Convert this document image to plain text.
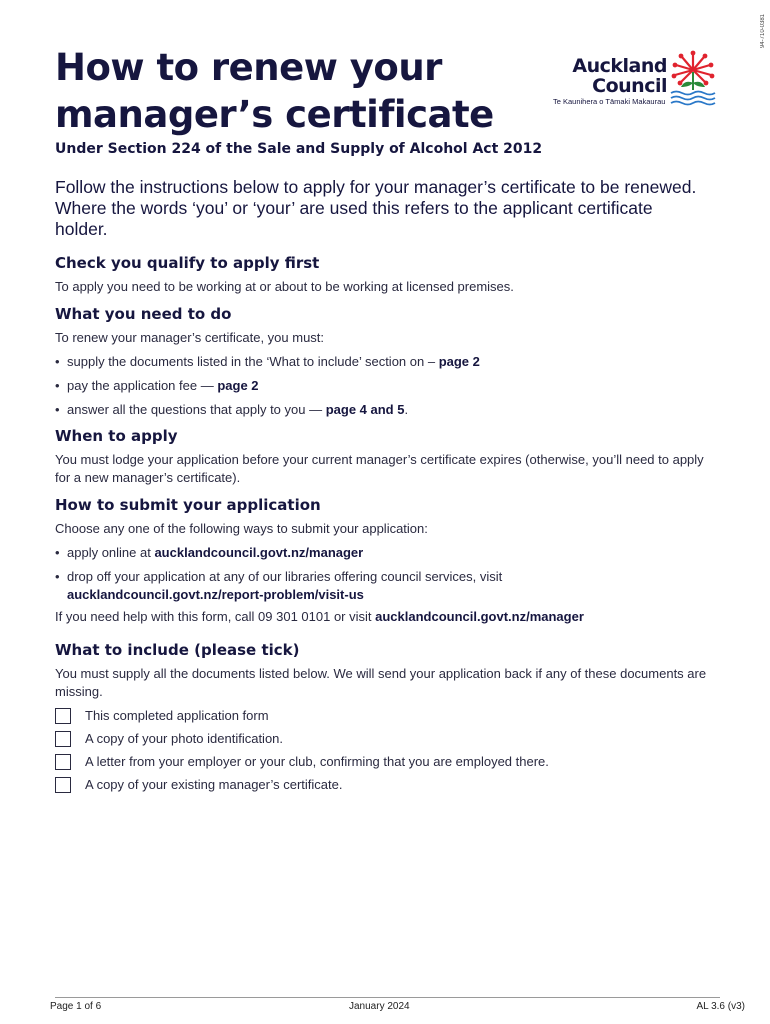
94-710-0381
How to renew your
manager’s certificate
Auckland
Council
Te Kaunihera o Tāmaki Makaurau
Under Section 224 of the Sale and Supply of Alcohol Act 2012

Follow the instructions below to apply for your manager’s certificate to be renewed. Where the words ‘you’ or ‘your’ are used this refers to the applicant certificate holder.

Check you qualify to apply first

To apply you need to be working at or about to be working at licensed premises.

What you need to do

To renew your manager’s certificate, you must:

• supply the documents listed in the ‘What to include’ section on – page 2
• pay the application fee — page 2
• answer all the questions that apply to you — page 4 and 5.
When to apply

You must lodge your application before your current manager’s certificate expires (otherwise, you’ll need to apply for a new manager’s certificate).

How to submit your application

Choose any one of the following ways to submit your application:

• apply online at aucklandcouncil.govt.nz/manager
• drop off your application at any of our libraries offering council services, visit
aucklandcouncil.govt.nz/report-problem/visit-us

If you need help with this form, call 09 301 0101 or visit aucklandcouncil.govt.nz/manager

What to include (please tick)

You must supply all the documents listed below. We will send your application back if any of these documents are missing.

This completed application form
A copy of your photo identification.
A letter from your employer or your club, confirming that you are employed there.
A copy of your existing manager’s certificate.
Page 1 of 6	January 2024	AL 3.6 (v3)
